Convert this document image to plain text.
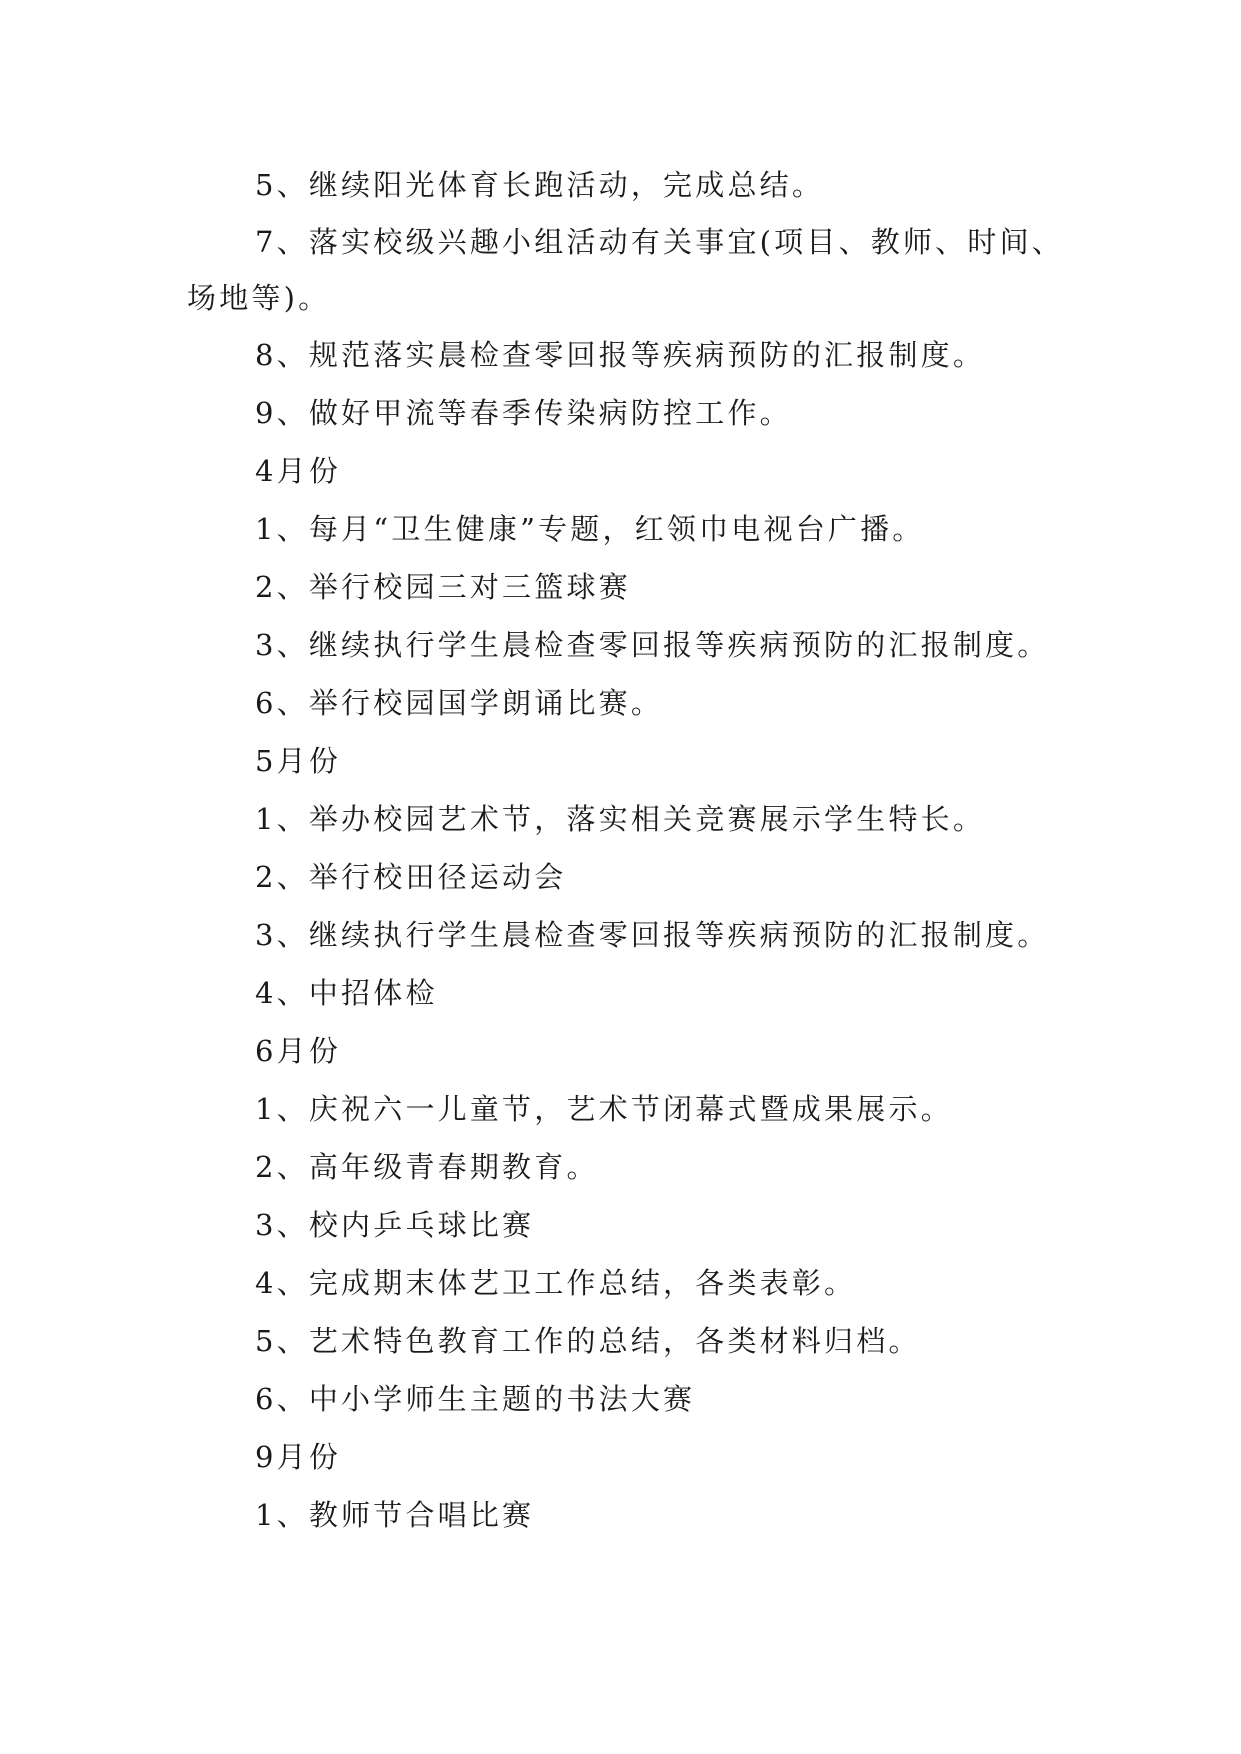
5、继续阳光体育长跑活动，完成总结。

7、落实校级兴趣小组活动有关事宜(项目、教师、时间、场地等)。

8、规范落实晨检查零回报等疾病预防的汇报制度。

9、做好甲流等春季传染病防控工作。

4月份

1、每月“卫生健康”专题，红领巾电视台广播。

2、举行校园三对三篮球赛

3、继续执行学生晨检查零回报等疾病预防的汇报制度。

6、举行校园国学朗诵比赛。

5月份

1、举办校园艺术节，落实相关竞赛展示学生特长。

2、举行校田径运动会

3、继续执行学生晨检查零回报等疾病预防的汇报制度。

4、中招体检

6月份

1、庆祝六一儿童节，艺术节闭幕式暨成果展示。

2、高年级青春期教育。

3、校内乒乓球比赛

4、完成期末体艺卫工作总结，各类表彰。

5、艺术特色教育工作的总结，各类材料归档。

6、中小学师生主题的书法大赛

9月份

1、教师节合唱比赛
